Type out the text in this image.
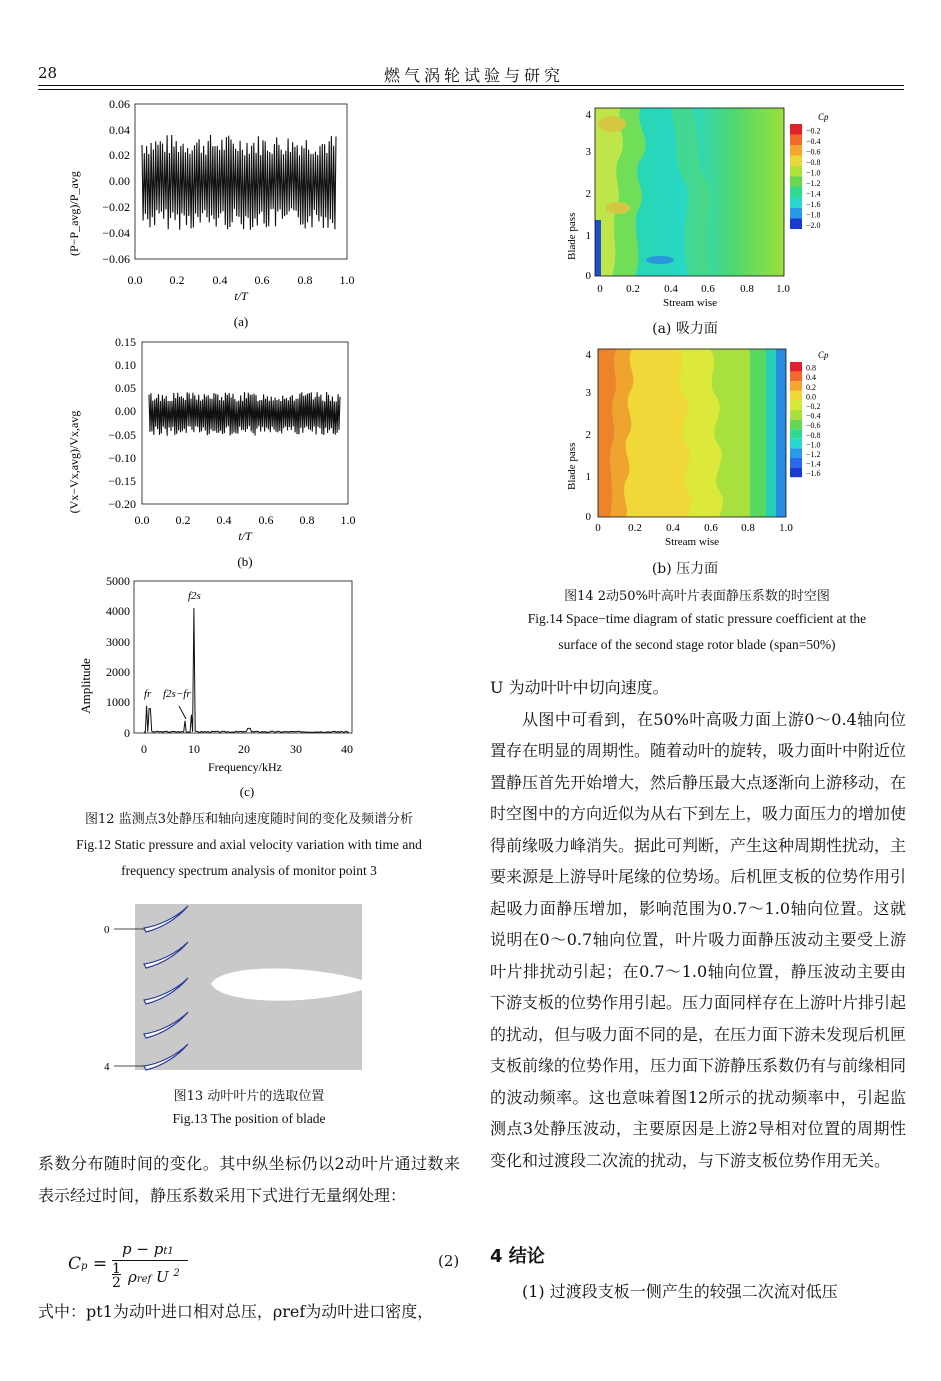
28	燃气涡轮试验与研究
(P−P_avg)/P_avg
0.06
0.04
0.02
0.00
−0.02
−0.04
−0.06
0.0 0.2 0.4 0.6 0.8 1.0
t/T
(a)
(Vx−Vx,avg)/Vx,avg
0.15
0.10
0.05
0.00
−0.05
−0.10
−0.15
−0.20
0.0 0.2 0.4 0.6 0.8 1.0
t/T
(b)
Amplitude
5000
4000
3000
2000
1000
0
f2s
fr f2s−fr
0	10	20	30	40
Frequency/kHz
(c)
图12 监测点3处静压和轴向速度随时间的变化及频谱分析
Fig.12 Static pressure and axial velocity variation with time and
frequency spectrum analysis of monitor point 3
0
4
图13 动叶叶片的选取位置
Fig.13 The position of blade

系数分布随时间的变化。其中纵坐标仍以2动叶片通过数来表示经过时间，静压系数采用下式进行无量纲处理：

Cp =
p − pt1
1
2 ρref U $^2$
(2)

式中：pt1为动叶进口相对总压，ρref为动叶进口密度，

Blade pass
4
3
2
1
0
0 0.2 0.4 0.6 0.8 1.0
Stream wise
Cp
−0.2
−0.4
−0.6
−0.8
−1.0
−1.2
−1.4
−1.6
−1.8
−2.0
(a) 吸力面
Blade pass
4
3
2
1
0
0 0.2 0.4 0.6 0.8 1.0
Stream wise
Cp
0.8
0.4
0.2
0.0
−0.2
−0.4
−0.6
−0.8
−1.0
−1.2
−1.4
−1.6
(b) 压力面
图14 2动50%叶高叶片表面静压系数的时空图
Fig.14 Space−time diagram of static pressure coefficient at the
surface of the second stage rotor blade (span=50%)

U 为动叶叶中切向速度。

从图中可看到，在50%叶高吸力面上游0～0.4轴向位置存在明显的周期性。随着动叶的旋转，吸力面叶中附近位置静压首先开始增大，然后静压最大点逐渐向上游移动，在时空图中的方向近似为从右下到左上，吸力面压力的增加使得前缘吸力峰消失。据此可判断，产生这种周期性扰动，主要来源是上游导叶尾缘的位势场。后机匣支板的位势作用引起吸力面静压增加，影响范围为0.7～1.0轴向位置。这就说明在0～0.7轴向位置，叶片吸力面静压波动主要受上游叶片排扰动引起；在0.7～1.0轴向位置，静压波动主要由下游支板的位势作用引起。压力面同样存在上游叶片排引起的扰动，但与吸力面不同的是，在压力面下游未发现后机匣支板前缘的位势作用，压力面下游静压系数仍有与前缘相同的波动频率。这也意味着图12所示的扰动频率中，引起监测点3处静压波动，主要原因是上游2导相对位置的周期性变化和过渡段二次流的扰动，与下游支板位势作用无关。

4 结论

(1) 过渡段支板一侧产生的较强二次流对低压
